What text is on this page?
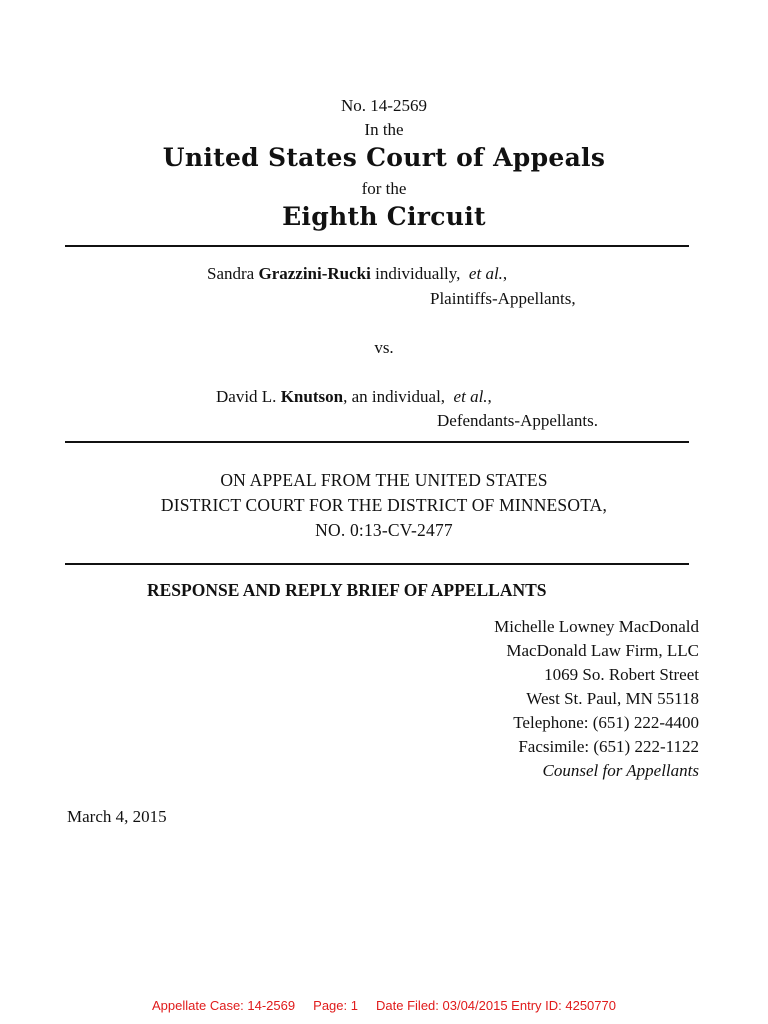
No. 14-2569
In the
United States Court of Appeals
for the
Eighth Circuit
Sandra Grazzini-Rucki individually, et al.,
Plaintiffs-Appellants,
vs.
David L. Knutson, an individual, et al.,
Defendants-Appellants.
ON APPEAL FROM THE UNITED STATES
DISTRICT COURT FOR THE DISTRICT OF MINNESOTA,
NO. 0:13-CV-2477
RESPONSE AND REPLY BRIEF OF APPELLANTS
Michelle Lowney MacDonald
MacDonald Law Firm, LLC
1069 So. Robert Street
West St. Paul, MN 55118
Telephone: (651) 222-4400
Facsimile: (651) 222-1122
Counsel for Appellants
March 4, 2015
Appellate Case: 14-2569     Page: 1     Date Filed: 03/04/2015 Entry ID: 4250770
